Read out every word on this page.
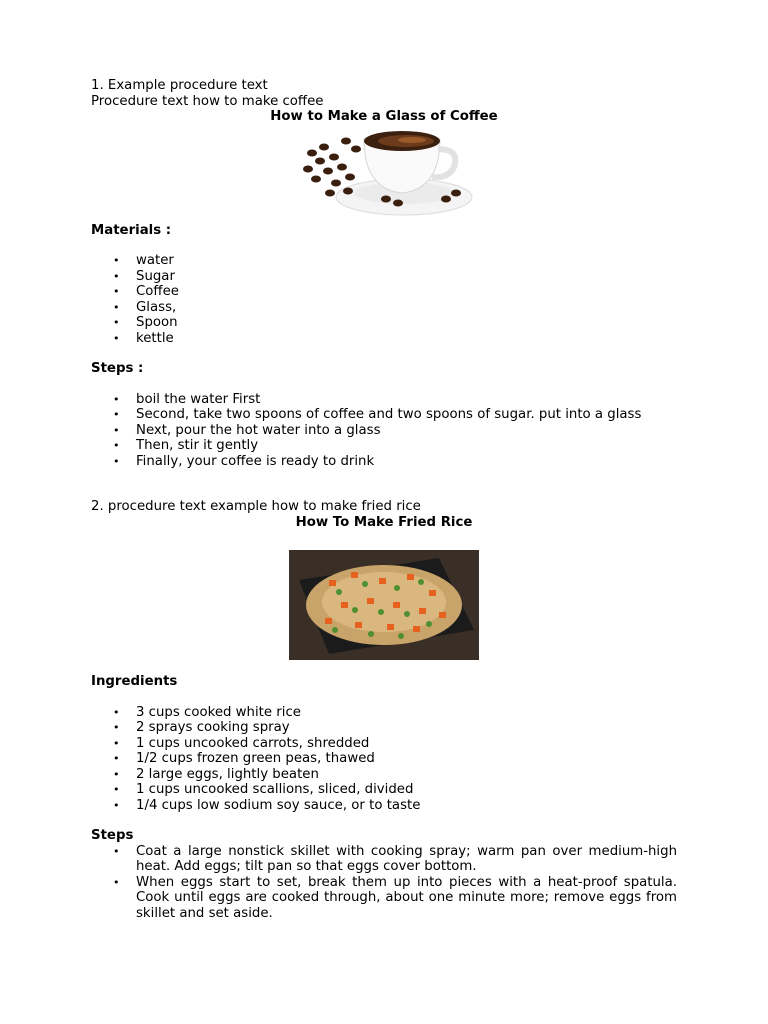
1. Example procedure text

Procedure text how to make coffee

How to Make a Glass of Coffee

Materials :

• water
• Sugar
• Coffee
• Glass,
• Spoon
• kettle

Steps :

• boil the water First
• Second, take two spoons of coffee and two spoons of sugar. put into a glass
• Next, pour the hot water into a glass
• Then, stir it gently
• Finally, your coffee is ready to drink

2. procedure text example how to make fried rice

How To Make Fried Rice

Ingredients

• 3 cups cooked white rice
• 2 sprays cooking spray
• 1 cups uncooked carrots, shredded
• 1/2 cups frozen green peas, thawed
• 2 large eggs, lightly beaten
• 1 cups uncooked scallions, sliced, divided
• 1/4 cups low sodium soy sauce, or to taste

Steps

• Coat a large nonstick skillet with cooking spray; warm pan over medium-high heat. Add eggs; tilt pan so that eggs cover bottom.
• When eggs start to set, break them up into pieces with a heat-proof spatula. Cook until eggs are cooked through, about one minute more; remove eggs from skillet and set aside.
